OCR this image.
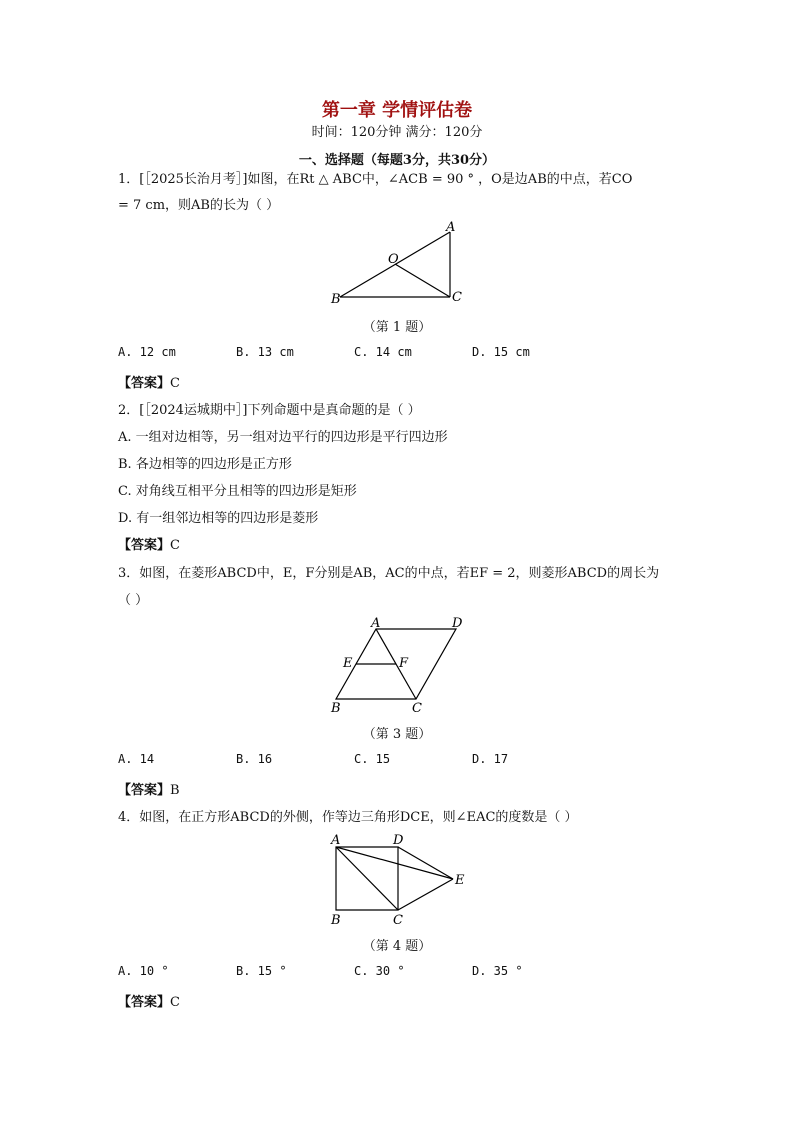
第一章 学情评估卷
时间：120分钟 满分：120分
一、选择题（每题3分，共30分）
1．[［2025长治月考］]如图，在Rt △ ABC中，∠ACB = 90 ° ，O是边AB的中点，若CO
= 7 cm，则AB的长为（ ）
A
O
B	C
（第 1 题）
A. 12 cm	B. 13 cm	C. 14 cm	D. 15 cm
【答案】C
2．[［2024运城期中］]下列命题中是真命题的是（ ）
A. 一组对边相等，另一组对边平行的四边形是平行四边形
B. 各边相等的四边形是正方形
C. 对角线互相平分且相等的四边形是矩形
D. 有一组邻边相等的四边形是菱形
【答案】C
3．如图，在菱形ABCD中，E，F分别是AB，AC的中点，若EF = 2，则菱形ABCD的周长为
（ ）
A	D
E	F
B	C
（第 3 题）
A. 14	B. 16	C. 15	D. 17
【答案】B
4．如图，在正方形ABCD的外侧，作等边三角形DCE，则∠EAC的度数是（ ）
A	D
E
B	C
（第 4 题）
A. 10 °	B. 15 °	C. 30 °	D. 35 °
【答案】C
